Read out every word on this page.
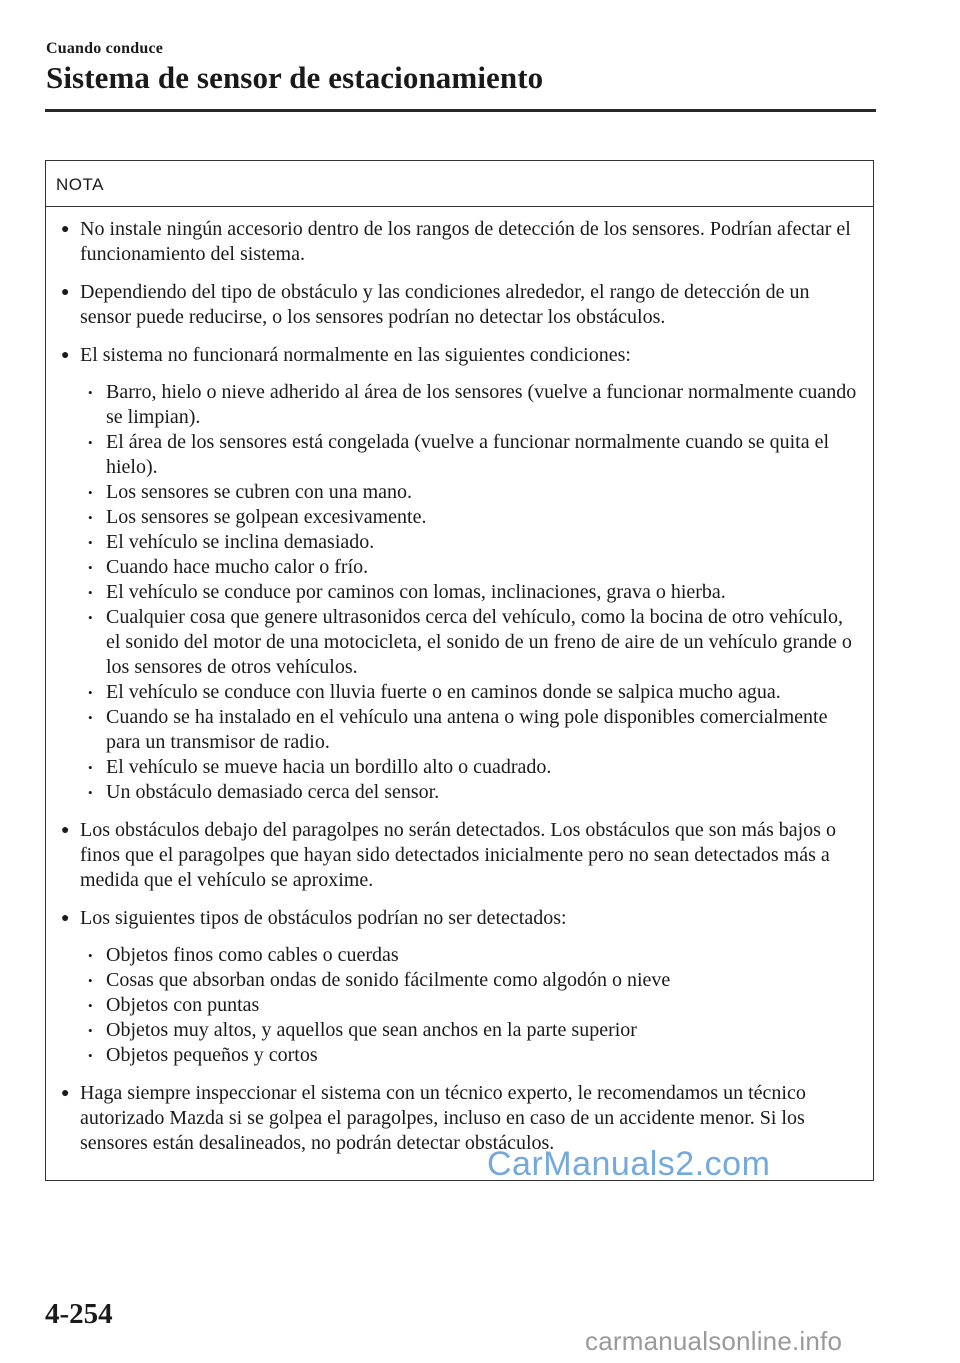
Cuando conduce
Sistema de sensor de estacionamiento
NOTA
● No instale ningún accesorio dentro de los rangos de detección de los sensores. Podrían afectar el funcionamiento del sistema.
● Dependiendo del tipo de obstáculo y las condiciones alrededor, el rango de detección de un sensor puede reducirse, o los sensores podrían no detectar los obstáculos.
● El sistema no funcionará normalmente en las siguientes condiciones:
• Barro, hielo o nieve adherido al área de los sensores (vuelve a funcionar normalmente cuando se limpian).
• El área de los sensores está congelada (vuelve a funcionar normalmente cuando se quita el hielo).
• Los sensores se cubren con una mano.
• Los sensores se golpean excesivamente.
• El vehículo se inclina demasiado.
• Cuando hace mucho calor o frío.
• El vehículo se conduce por caminos con lomas, inclinaciones, grava o hierba.
• Cualquier cosa que genere ultrasonidos cerca del vehículo, como la bocina de otro vehículo, el sonido del motor de una motocicleta, el sonido de un freno de aire de un vehículo grande o los sensores de otros vehículos.
• El vehículo se conduce con lluvia fuerte o en caminos donde se salpica mucho agua.
• Cuando se ha instalado en el vehículo una antena o wing pole disponibles comercialmente para un transmisor de radio.
• El vehículo se mueve hacia un bordillo alto o cuadrado.
• Un obstáculo demasiado cerca del sensor.
● Los obstáculos debajo del paragolpes no serán detectados. Los obstáculos que son más bajos o finos que el paragolpes que hayan sido detectados inicialmente pero no sean detectados más a medida que el vehículo se aproxime.
● Los siguientes tipos de obstáculos podrían no ser detectados:
• Objetos finos como cables o cuerdas
• Cosas que absorban ondas de sonido fácilmente como algodón o nieve
• Objetos con puntas
• Objetos muy altos, y aquellos que sean anchos en la parte superior
• Objetos pequeños y cortos
● Haga siempre inspeccionar el sistema con un técnico experto, le recomendamos un técnico autorizado Mazda si se golpea el paragolpes, incluso en caso de un accidente menor. Si los sensores están desalineados, no podrán detectar obstáculos.
4-254
CarManuals2.com
carmanualsonline.info
